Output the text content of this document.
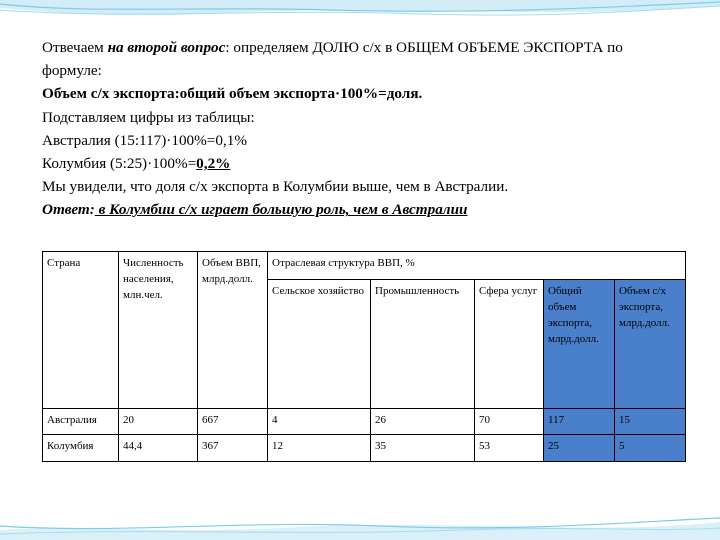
Отвечаем на второй вопрос: определяем ДОЛЮ с/х в ОБЩЕМ ОБЪЕМЕ ЭКСПОРТА по

формуле:

Объем с/х экспорта:общий объем экспорта·100%=доля.

Подставляем цифры из таблицы:

Австралия (15:117)·100%=0,1%

Колумбия (5:25)·100%=0,2%

Мы увидели, что доля с/х экспорта в Колумбии выше, чем в Австралии.

Ответ: в Колумбии с/х играет большую роль, чем в Австралии

Страна	Численность населения, млн.чел.	Объем ВВП, млрд.долл.	Отраслевая структура ВВП, %				
			Сельское хозяйство	Промышленность	Сфера услуг	Общий объем экспорта, млрд.долл.	Объем с/х экспорта, млрд.долл.
Австралия	20	667	4	26	70	117	15
Колумбия	44,4	367	12	35	53	25	5
